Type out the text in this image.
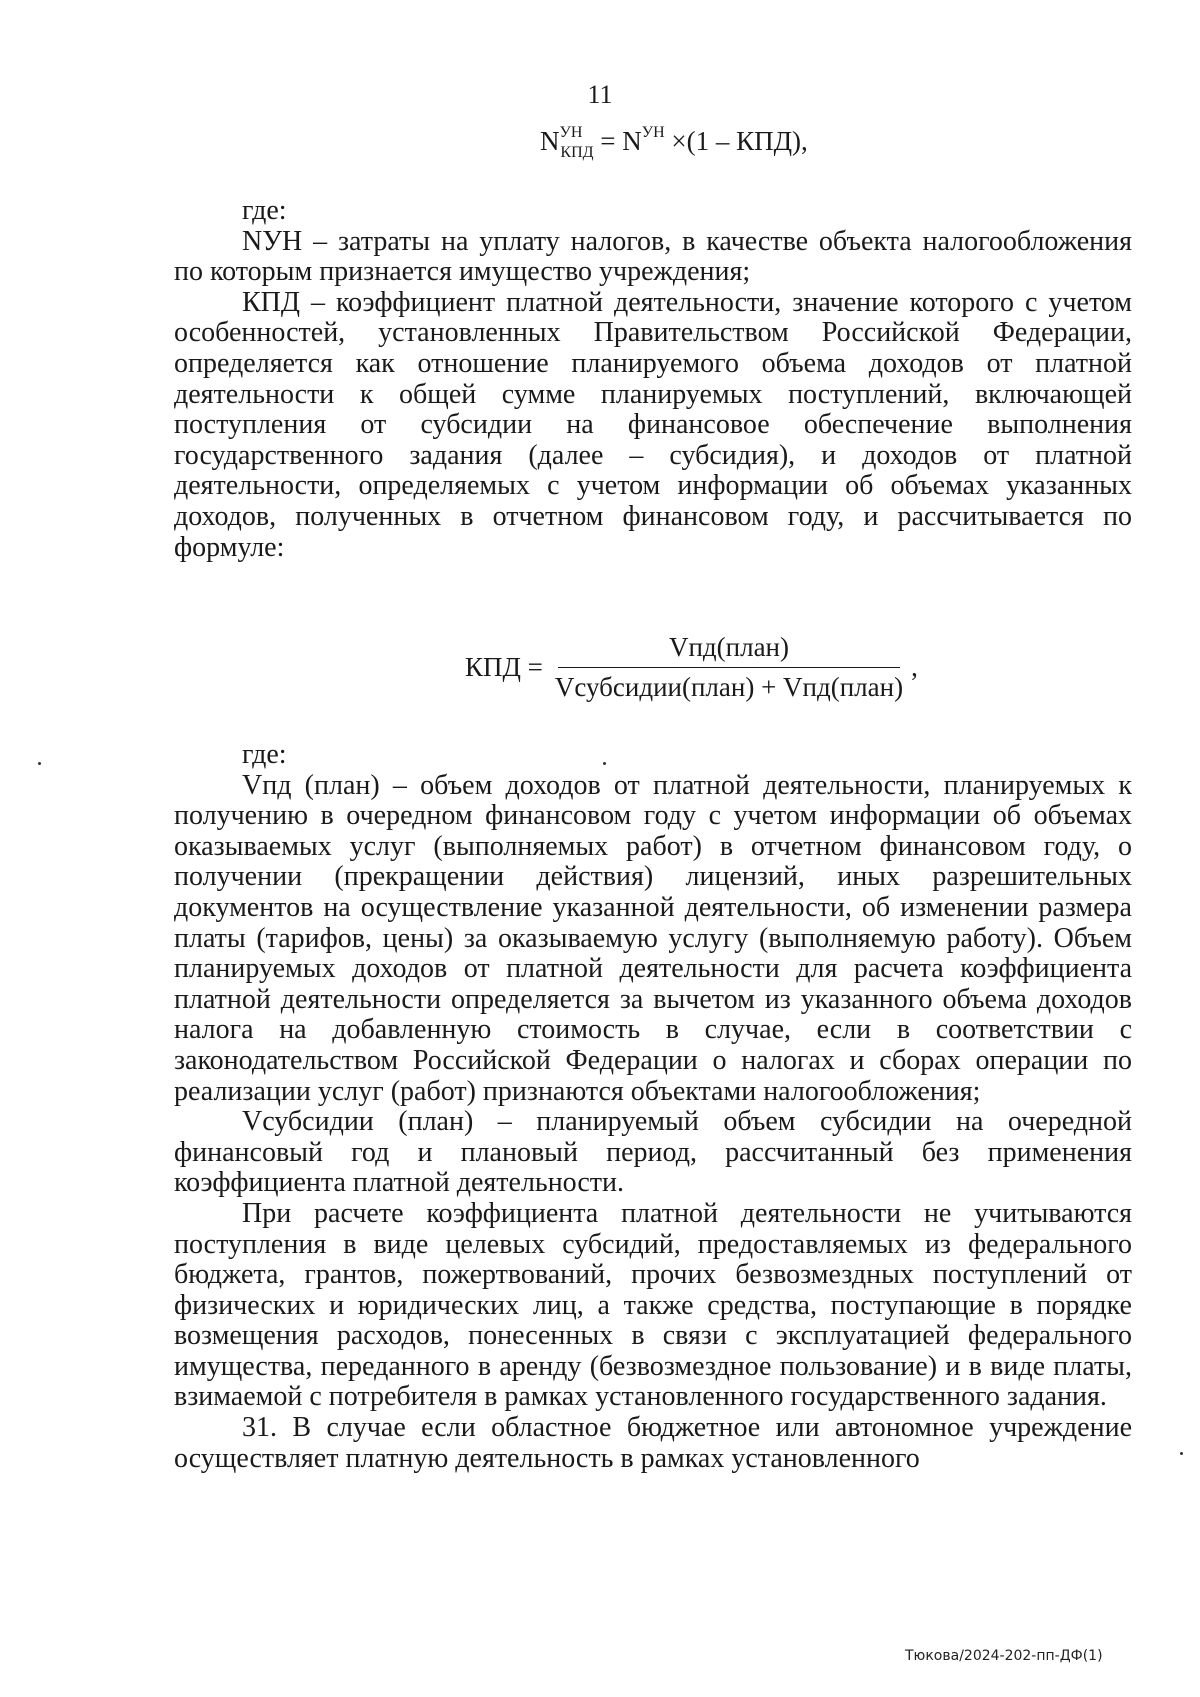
11
$N^{УН}_{КПД} = N^{УН} \times(1 - КПД)$,
где:

NУН – затраты на уплату налогов, в качестве объекта налогообложения по которым признается имущество учреждения;

КПД – коэффициент платной деятельности, значение которого с учетом особенностей, установленных Правительством Российской Федерации, определяется как отношение планируемого объема доходов от платной деятельности к общей сумме планируемых поступлений, включающей поступления от субсидии на финансовое обеспечение выполнения государственного задания (далее – субсидия), и доходов от платной деятельности, определяемых с учетом информации об объемах указанных доходов, полученных в отчетном финансовом году, и рассчитывается по формуле:

КПД = $\frac{\text{Vпд(план)}}{\text{Vсубсидии(план) + Vпд(план)}}$ ,
где:

Vпд (план) – объем доходов от платной деятельности, планируемых к получению в очередном финансовом году с учетом информации об объемах оказываемых услуг (выполняемых работ) в отчетном финансовом году, о получении (прекращении действия) лицензий, иных разрешительных документов на осуществление указанной деятельности, об изменении размера платы (тарифов, цены) за оказываемую услугу (выполняемую работу). Объем планируемых доходов от платной деятельности для расчета коэффициента платной деятельности определяется за вычетом из указанного объема доходов налога на добавленную стоимость в случае, если в соответствии с законодательством Российской Федерации о налогах и сборах операции по реализации услуг (работ) признаются объектами налогообложения;

Vсубсидии (план) – планируемый объем субсидии на очередной финансовый год и плановый период, рассчитанный без применения коэффициента платной деятельности.

При расчете коэффициента платной деятельности не учитываются поступления в виде целевых субсидий, предоставляемых из федерального бюджета, грантов, пожертвований, прочих безвозмездных поступлений от физических и юридических лиц, а также средства, поступающие в порядке возмещения расходов, понесенных в связи с эксплуатацией федерального имущества, переданного в аренду (безвозмездное пользование) и в виде платы, взимаемой с потребителя в рамках установленного государственного задания.

31. В случае если областное бюджетное или автономное учреждение осуществляет платную деятельность в рамках установленного

Тюкова/2024-202-пп-ДФ(1)
